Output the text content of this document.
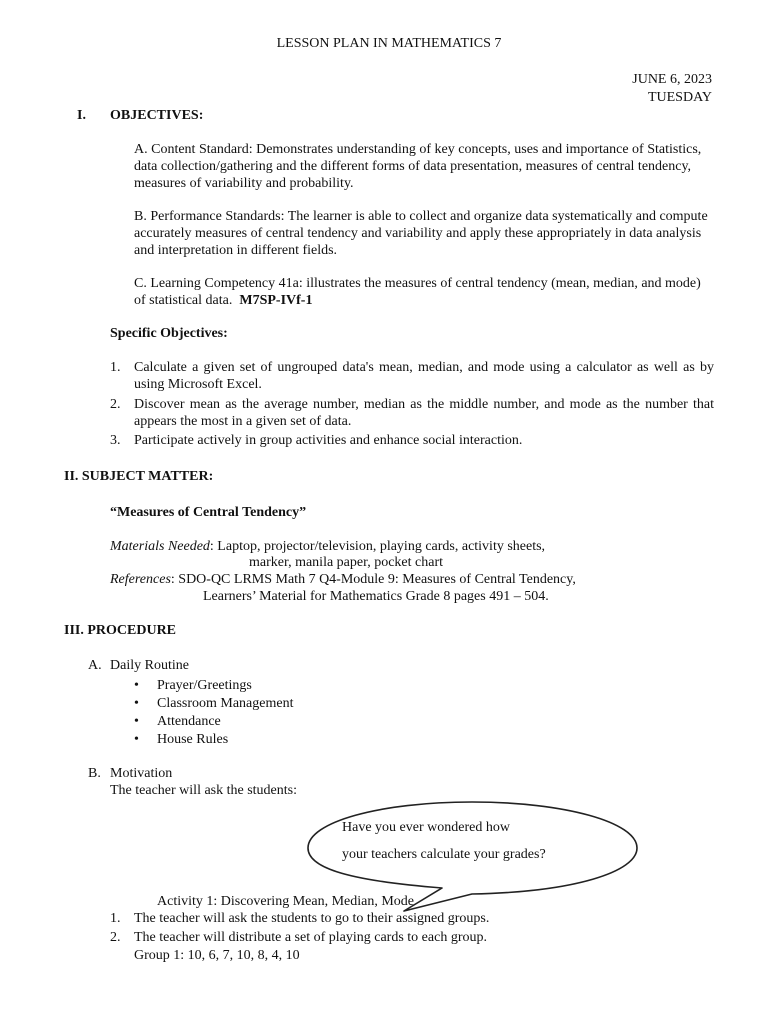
LESSON PLAN IN MATHEMATICS 7
JUNE 6, 2023
TUESDAY
I. OBJECTIVES:
A. Content Standard: Demonstrates understanding of key concepts, uses and importance of Statistics, data collection/gathering and the different forms of data presentation, measures of central tendency, measures of variability and probability.
B. Performance Standards: The learner is able to collect and organize data systematically and compute accurately measures of central tendency and variability and apply these appropriately in data analysis and interpretation in different fields.
C. Learning Competency 41a: illustrates the measures of central tendency (mean, median, and mode) of statistical data. M7SP-IVf-1
Specific Objectives:
1. Calculate a given set of ungrouped data's mean, median, and mode using a calculator as well as by using Microsoft Excel.
2. Discover mean as the average number, median as the middle number, and mode as the number that appears the most in a given set of data.
3. Participate actively in group activities and enhance social interaction.
II. SUBJECT MATTER:
“Measures of Central Tendency”
Materials Needed: Laptop, projector/television, playing cards, activity sheets,
marker, manila paper, pocket chart
References: SDO-QC LRMS Math 7 Q4-Module 9: Measures of Central Tendency,
Learners’ Material for Mathematics Grade 8 pages 491 – 504.
III. PROCEDURE
A. Daily Routine
• Prayer/Greetings
• Classroom Management
• Attendance
• House Rules
B. Motivation
The teacher will ask the students:
Have you ever wondered how
your teachers calculate your grades?
Activity 1: Discovering Mean, Median, Mode
1. The teacher will ask the students to go to their assigned groups.
2. The teacher will distribute a set of playing cards to each group.
Group 1: 10, 6, 7, 10, 8, 4, 10
